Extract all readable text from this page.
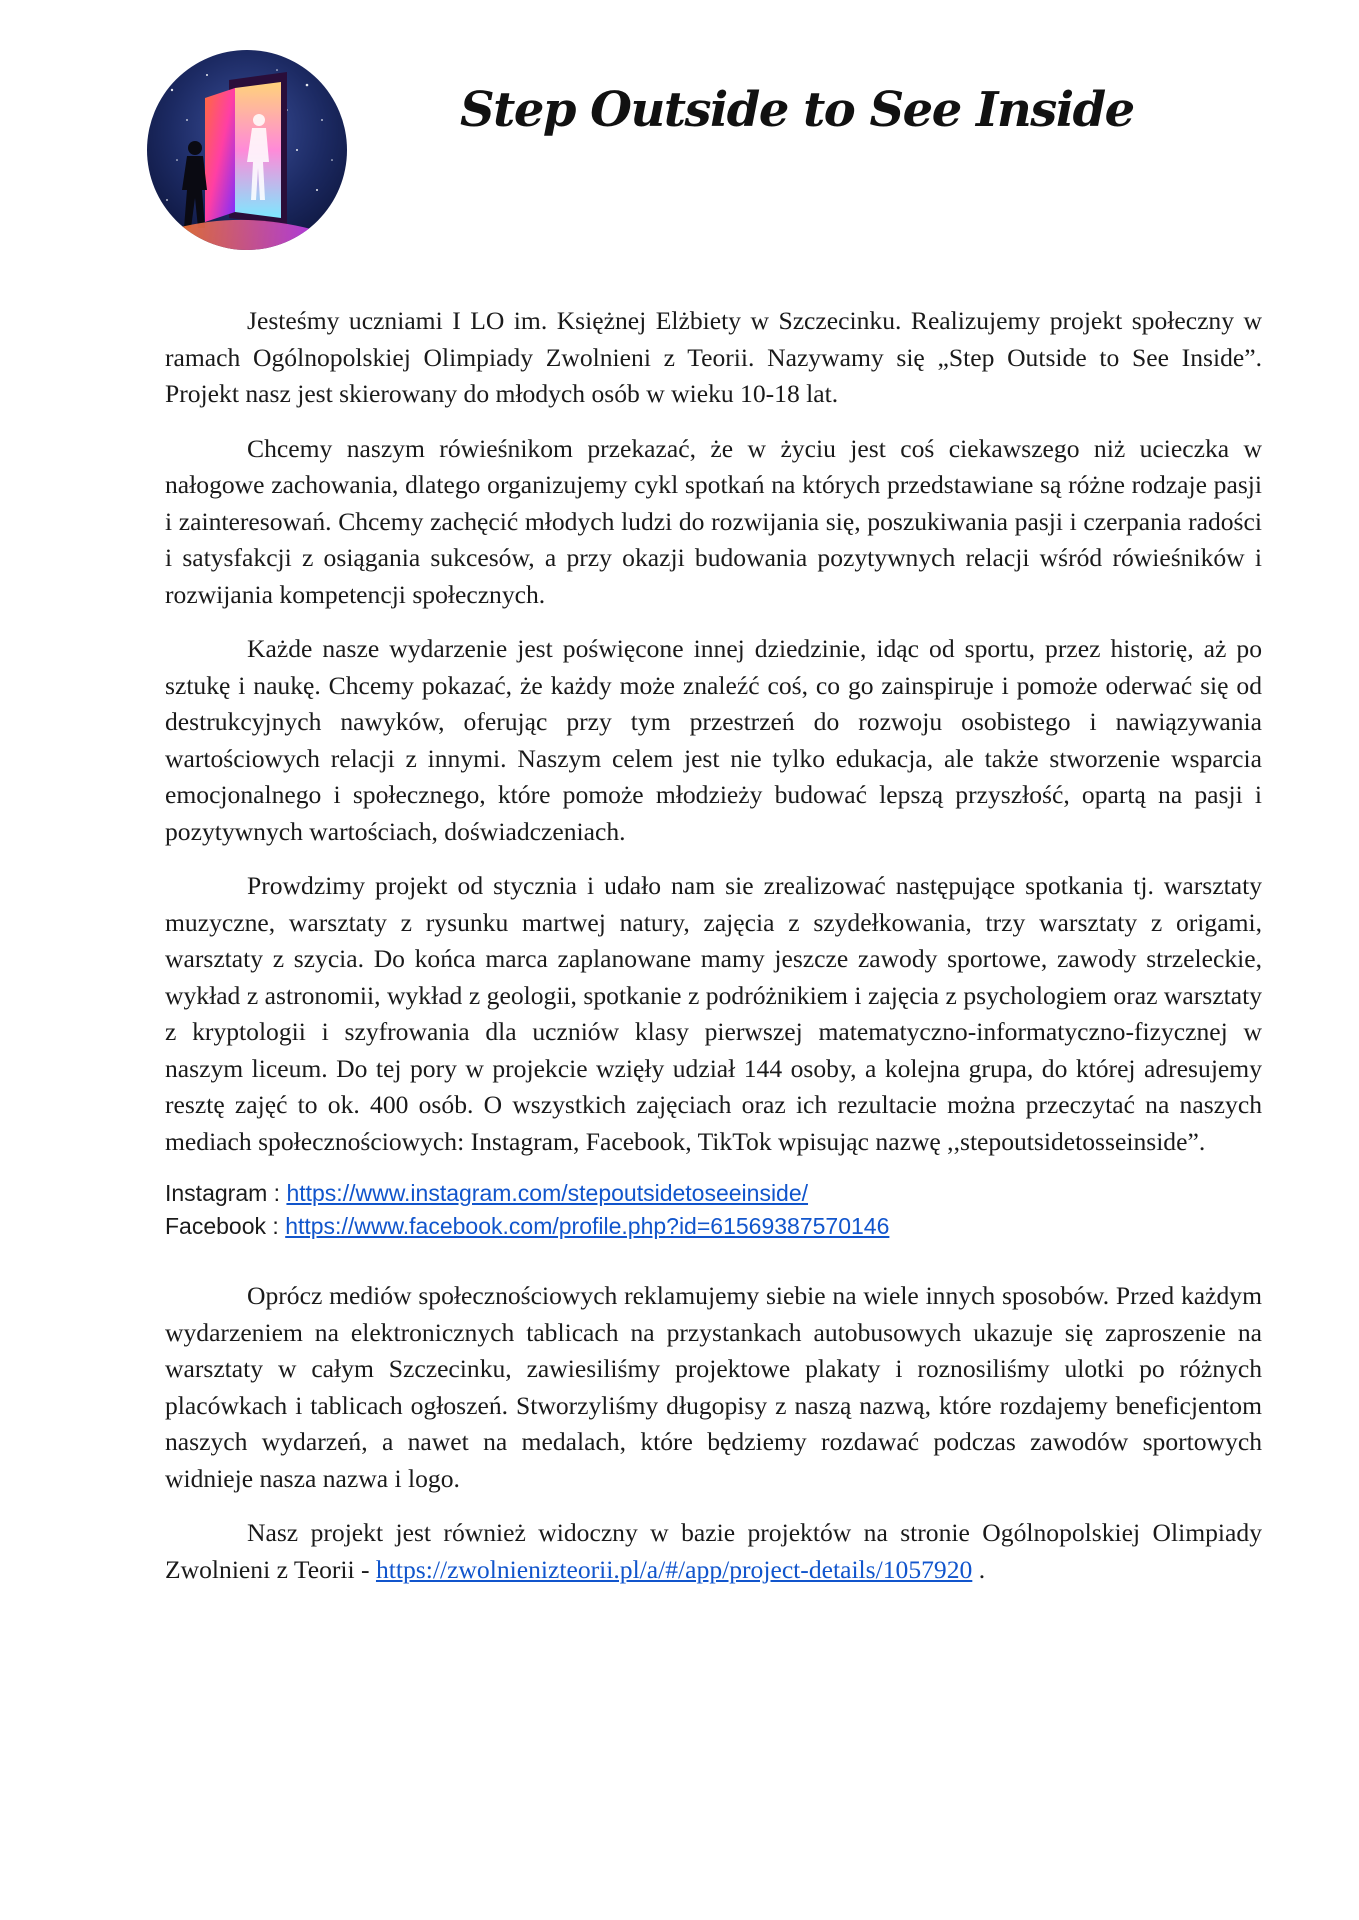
Step Outside to See Inside

Jesteśmy uczniami I LO im. Księżnej Elżbiety w Szczecinku. Realizujemy projekt społeczny w ramach Ogólnopolskiej Olimpiady Zwolnieni z Teorii. Nazywamy się „Step Outside to See Inside”. Projekt nasz jest skierowany do młodych osób w wieku 10-18 lat.

Chcemy naszym rówieśnikom przekazać, że w życiu jest coś ciekawszego niż ucieczka w nałogowe zachowania, dlatego organizujemy cykl spotkań na których przedstawiane są różne rodzaje pasji i zainteresowań. Chcemy zachęcić młodych ludzi do rozwijania się, poszukiwania pasji i czerpania radości i satysfakcji z osiągania sukcesów, a przy okazji budowania pozytywnych relacji wśród rówieśników i rozwijania kompetencji społecznych.

Każde nasze wydarzenie jest poświęcone innej dziedzinie, idąc od sportu, przez historię, aż po sztukę i naukę. Chcemy pokazać, że każdy może znaleźć coś, co go zainspiruje i pomoże oderwać się od destrukcyjnych nawyków, oferując przy tym przestrzeń do rozwoju osobistego i nawiązywania wartościowych relacji z innymi. Naszym celem jest nie tylko edukacja, ale także stworzenie wsparcia emocjonalnego i społecznego, które pomoże młodzieży budować lepszą przyszłość, opartą na pasji i pozytywnych wartościach, doświadczeniach.

Prowdzimy projekt od stycznia i udało nam sie zrealizować następujące spotkania tj. warsztaty muzyczne, warsztaty z rysunku martwej natury, zajęcia z szydełkowania, trzy warsztaty z origami, warsztaty z szycia. Do końca marca zaplanowane mamy jeszcze zawody sportowe, zawody strzeleckie, wykład z astronomii, wykład z geologii, spotkanie z podróżnikiem i zajęcia z psychologiem oraz warsztaty z kryptologii i szyfrowania dla uczniów klasy pierwszej matematyczno-informatyczno-fizycznej w naszym liceum. Do tej pory w projekcie wzięły udział 144 osoby, a kolejna grupa, do której adresujemy resztę zajęć to ok. 400 osób. O wszystkich zajęciach oraz ich rezultacie można przeczytać na naszych mediach społecznościowych: Instagram, Facebook, TikTok wpisując nazwę ,,stepoutsidetosseinside”.

Instagram : https://www.instagram.com/stepoutsidetoseeinside/
Facebook : https://www.facebook.com/profile.php?id=61569387570146

Oprócz mediów społecznościowych reklamujemy siebie na wiele innych sposobów. Przed każdym wydarzeniem na elektronicznych tablicach na przystankach autobusowych ukazuje się zaproszenie na warsztaty w całym Szczecinku, zawiesiliśmy projektowe plakaty i roznosiliśmy ulotki po różnych placówkach i tablicach ogłoszeń. Stworzyliśmy długopisy z naszą nazwą, które rozdajemy beneficjentom naszych wydarzeń, a nawet na medalach, które będziemy rozdawać podczas zawodów sportowych widnieje nasza nazwa i logo.

Nasz projekt jest również widoczny w bazie projektów na stronie Ogólnopolskiej Olimpiady Zwolnieni z Teorii - https://zwolnienizteorii.pl/a/#/app/project-details/1057920 .
